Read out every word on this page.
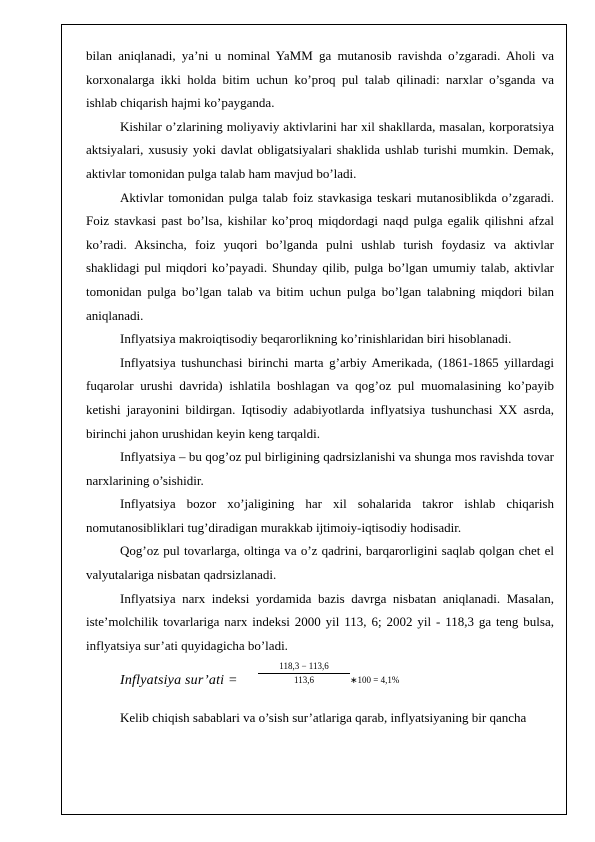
bilan aniqlanadi, ya’ni u nominal YaMM ga mutanosib ravishda o’zgaradi. Aholi va korxonalarga ikki holda bitim uchun ko’proq pul talab qilinadi: narxlar o’sganda va ishlab chiqarish hajmi ko’payganda.

Kishilar o’zlarining moliyaviy aktivlarini har xil shakllarda, masalan, korporatsiya aktsiyalari, xususiy yoki davlat obligatsiyalari shaklida ushlab turishi mumkin. Demak, aktivlar tomonidan pulga talab ham mavjud bo’ladi.

Aktivlar tomonidan pulga talab foiz stavkasiga teskari mutanosiblikda o’zgaradi. Foiz stavkasi past bo’lsa, kishilar ko’proq miqdordagi naqd pulga egalik qilishni afzal ko’radi. Aksincha, foiz yuqori bo’lganda pulni ushlab turish foydasiz va aktivlar shaklidagi pul miqdori ko’payadi. Shunday qilib, pulga bo’lgan umumiy talab, aktivlar tomonidan pulga bo’lgan talab va bitim uchun pulga bo’lgan talabning miqdori bilan aniqlanadi.

Inflyatsiya makroiqtisodiy beqarorlikning ko’rinishlaridan biri hisoblanadi.

Inflyatsiya tushunchasi birinchi marta g’arbiy Amerikada, (1861-1865 yillardagi fuqarolar urushi davrida) ishlatila boshlagan va qog’oz pul muomalasining ko’payib ketishi jarayonini bildirgan. Iqtisodiy adabiyotlarda inflyatsiya tushunchasi XX asrda, birinchi jahon urushidan keyin keng tarqaldi.

Inflyatsiya – bu qog’oz pul birligining qadrsizlanishi va shunga mos ravishda tovar narxlarining o’sishidir.

Inflyatsiya bozor xo’jaligining har xil sohalarida takror ishlab chiqarish nomutanosibliklari tug’diradigan murakkab ijtimoiy-iqtisodiy hodisadir.

Qog’oz pul tovarlarga, oltinga va o’z qadrini, barqarorligini saqlab qolgan chet el valyutalariga nisbatan qadrsizlanadi.

Inflyatsiya narx indeksi yordamida bazis davrga nisbatan aniqlanadi. Masalan, iste’molchilik tovarlariga narx indeksi 2000 yil 113, 6; 2002 yil - 118,3 ga teng bulsa, inflyatsiya sur’ati quyidagicha bo’ladi.

Inflyatsiya sur’ati = $\frac{118,3 - 113,6}{113,6}$ ∗100 = 4,1%

Kelib chiqish sabablari va o’sish sur’atlariga qarab, inflyatsiyaning bir qancha
